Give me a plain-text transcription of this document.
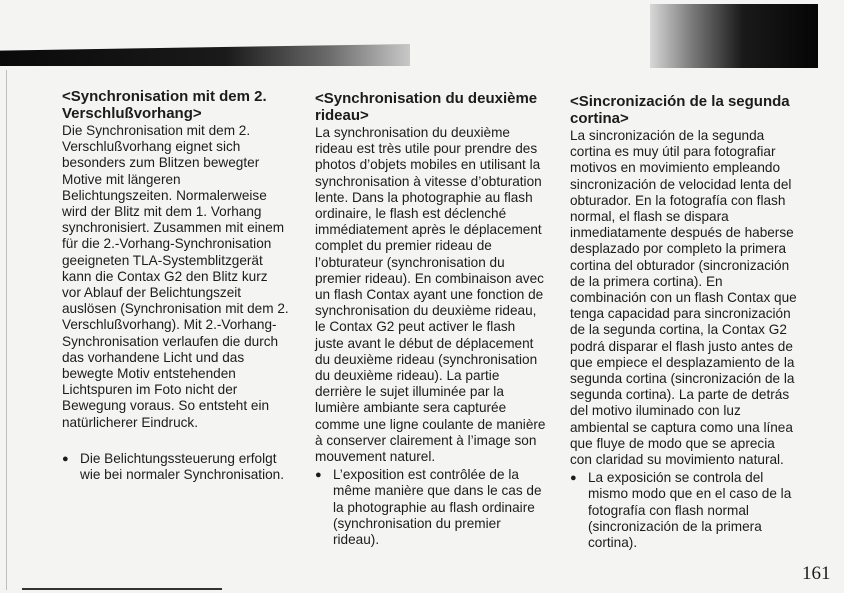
<Synchronisation mit dem 2. Verschlußvorhang>

Die Synchronisation mit dem 2. Verschlußvorhang eignet sich besonders zum Blitzen bewegter Motive mit längeren Belichtungszeiten. Normalerweise wird der Blitz mit dem 1. Vorhang synchronisiert. Zusammen mit einem für die 2.-Vorhang-Synchronisation geeigneten TLA-Systemblitzgerät kann die Contax G2 den Blitz kurz vor Ablauf der Belichtungszeit auslösen (Synchronisation mit dem 2. Verschlußvorhang). Mit 2.-Vorhang-Synchronisation verlaufen die durch das vorhandene Licht und das bewegte Motiv entstehenden Lichtspuren im Foto nicht der Bewegung voraus. So entsteht ein natürlicherer Eindruck.

● Die Belichtungssteuerung erfolgt wie bei normaler Synchronisation.
<Synchronisation du deuxième rideau>

La synchronisation du deuxième rideau est très utile pour prendre des photos d’objets mobiles en utilisant la synchronisation à vitesse d’obturation lente. Dans la photographie au flash ordinaire, le flash est déclenché immédiatement après le déplacement complet du premier rideau de l’obturateur (synchronisation du premier rideau). En combinaison avec un flash Contax ayant une fonction de synchronisation du deuxième rideau, le Contax G2 peut activer le flash juste avant le début de déplacement du deuxième rideau (synchronisation du deuxième rideau). La partie derrière le sujet illuminée par la lumière ambiante sera capturée comme une ligne coulante de manière à conserver clairement à l’image son mouvement naturel.

● L’exposition est contrôlée de la même manière que dans le cas de la photographie au flash ordinaire (synchronisation du premier rideau).
<Sincronización de la segunda cortina>

La sincronización de la segunda cortina es muy útil para fotografiar motivos en movimiento empleando sincronización de velocidad lenta del obturador. En la fotografía con flash normal, el flash se dispara inmediatamente después de haberse desplazado por completo la primera cortina del obturador (sincronización de la primera cortina). En combinación con un flash Contax que tenga capacidad para sincronización de la segunda cortina, la Contax G2 podrá disparar el flash justo antes de que empiece el desplazamiento de la segunda cortina (sincronización de la segunda cortina). La parte de detrás del motivo iluminado con luz ambiental se captura como una línea que fluye de modo que se aprecia con claridad su movimiento natural.

● La exposición se controla del mismo modo que en el caso de la fotografía con flash normal (sincronización de la primera cortina).
161
